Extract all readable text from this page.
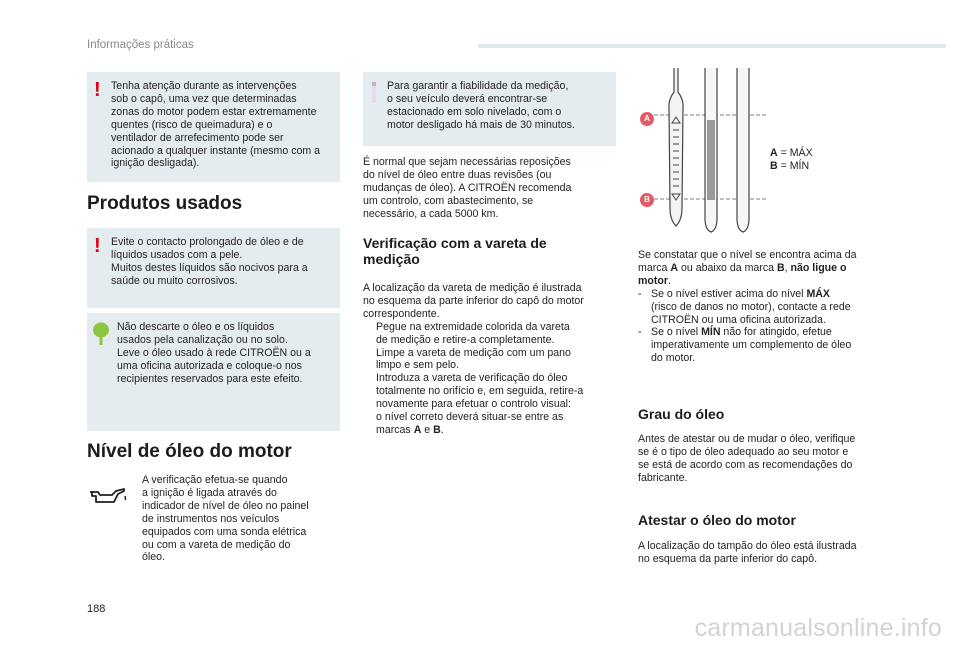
Informações práticas
! Tenha atenção durante as intervenções

sob o capô, uma vez que determinadas

zonas do motor podem estar extremamente

quentes (risco de queimadura) e o

ventilador de arrefecimento pode ser

acionado a qualquer instante (mesmo com a

ignição desligada).

Produtos usados
! Evite o contacto prolongado de óleo e de

líquidos usados com a pele.

Muitos destes líquidos são nocivos para a

saúde ou muito corrosivos.

Não descarte o óleo e os líquidos

usados pela canalização ou no solo.

Leve o óleo usado à rede CITROËN ou a

uma oficina autorizada e coloque-o nos

recipientes reservados para este efeito.

Nível de óleo do motor

A verificação efetua-se quando

a ignição é ligada através do

indicador de nível de óleo no painel

de instrumentos nos veículos

equipados com uma sonda elétrica

ou com a vareta de medição do

óleo.

Para garantir a fiabilidade da medição,

o seu veículo deverá encontrar-se

estacionado em solo nivelado, com o

motor desligado há mais de 30 minutos.

É normal que sejam necessárias reposições

do nível de óleo entre duas revisões (ou

mudanças de óleo). A CITROËN recomenda

um controlo, com abastecimento, se

necessário, a cada 5000 km.

Verificação com a vareta de
medição

A localização da vareta de medição é ilustrada

no esquema da parte inferior do capô do motor

correspondente.

Pegue na extremidade colorida da vareta

de medição e retire-a completamente.

Limpe a vareta de medição com um pano

limpo e sem pelo.

Introduza a vareta de verificação do óleo

totalmente no orifício e, em seguida, retire-a

novamente para efetuar o controlo visual:

o nível correto deverá situar-se entre as

marcas A e B.

A
B

A = MÁX

B = MÍN

Se constatar que o nível se encontra acima da

marca A ou abaixo da marca B, não ligue o

motor.

- Se o nível estiver acima do nível MÁX

(risco de danos no motor), contacte a rede

CITROËN ou uma oficina autorizada.

- Se o nível MÍN não for atingido, efetue

imperativamente um complemento de óleo

do motor.

Grau do óleo

Antes de atestar ou de mudar o óleo, verifique

se é o tipo de óleo adequado ao seu motor e

se está de acordo com as recomendações do

fabricante.

Atestar o óleo do motor

A localização do tampão do óleo está ilustrada

no esquema da parte inferior do capô.

188
carmanualsonline.info
